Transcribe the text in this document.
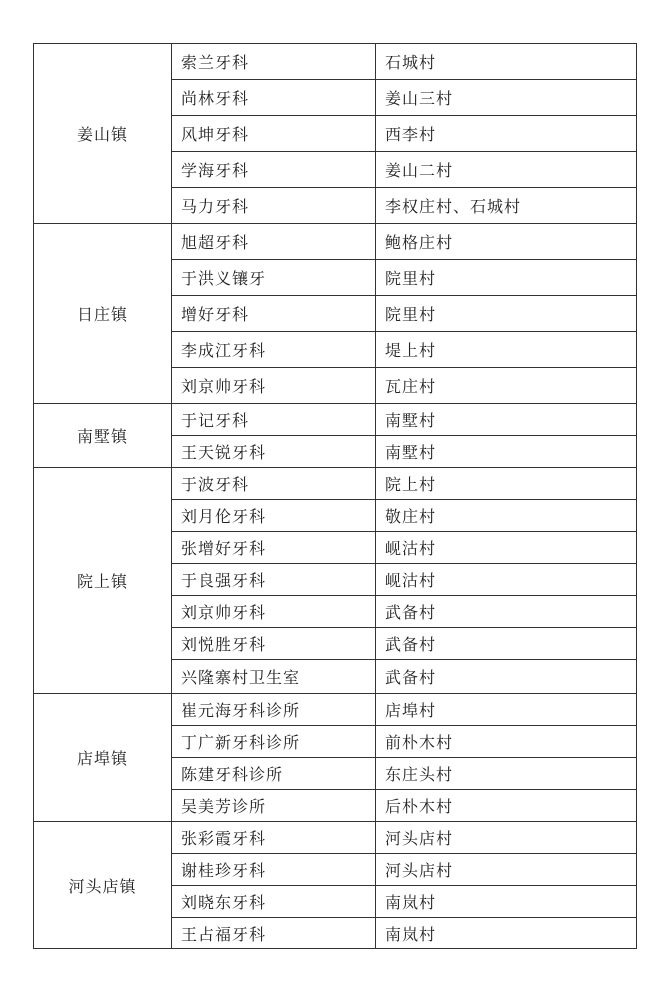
姜山镇	索兰牙科	石城村
	尚林牙科	姜山三村
	风坤牙科	西李村
	学海牙科	姜山二村
	马力牙科	李权庄村、石城村
日庄镇	旭超牙科	鲍格庄村
	于洪义镶牙	院里村
	增好牙科	院里村
	李成江牙科	堤上村
	刘京帅牙科	瓦庄村
南墅镇	于记牙科	南墅村
	王天锐牙科	南墅村
院上镇	于波牙科	院上村
	刘月伦牙科	敬庄村
	张增好牙科	岘沽村
	于良强牙科	岘沽村
	刘京帅牙科	武备村
	刘悦胜牙科	武备村
	兴隆寨村卫生室	武备村
店埠镇	崔元海牙科诊所	店埠村
	丁广新牙科诊所	前朴木村
	陈建牙科诊所	东庄头村
	吴美芳诊所	后朴木村
河头店镇	张彩霞牙科	河头店村
	谢桂珍牙科	河头店村
	刘晓东牙科	南岚村
	王占福牙科	南岚村
